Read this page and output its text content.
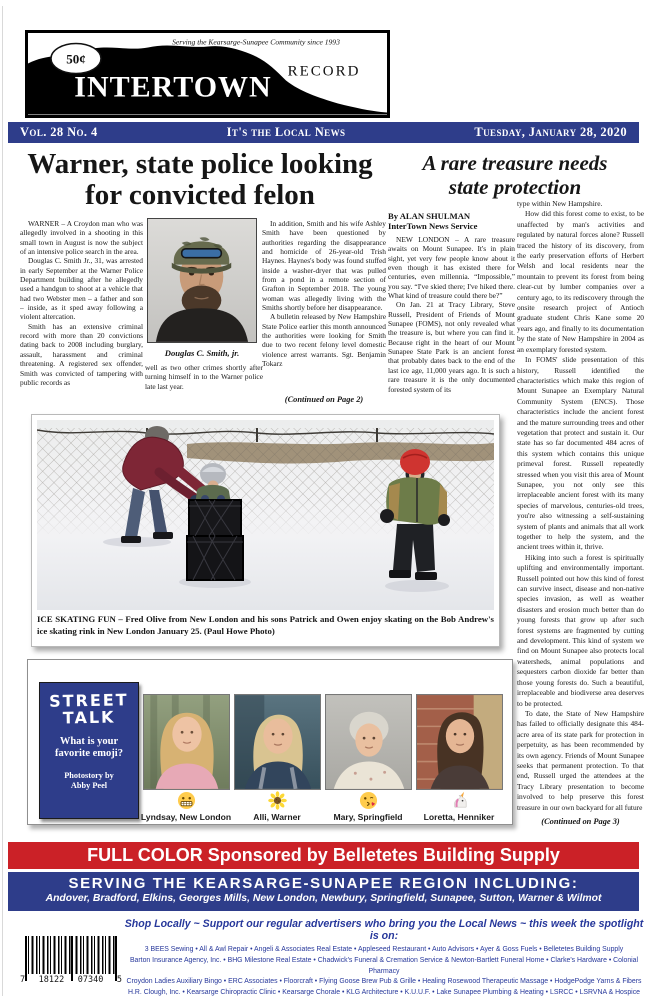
Serving the Kearsarge-Sunapee Community since 1993
50¢
RECORD
INTERTOWN
Vol. 28 No. 4	It's the Local News	Tuesday, January 28, 2020
Warner, state police looking
for convicted felon

WARNER – A Croydon man who was allegedly involved in a shooting in this small town in August is now the subject of an intensive police search in the area.

Douglas C. Smith Jr., 31, was arrested in early September at the Warner Police Department building after he allegedly used a handgun to shoot at a vehicle that had two Webster men – a father and son – inside, as it sped away following a violent altercation.

Smith has an extensive criminal record with more than 20 convictions dating back to 2008 including burglary, assault, harassment and criminal threatening. A registered sex offender, Smith was convicted of tampering with public records as

Douglas C. Smith, jr.

well as two other crimes shortly after turning himself in to the Warner police late last year.

In addition, Smith and his wife Ashley Smith have been questioned by authorities regarding the disappearance and homicide of 26-year-old Trish Haynes. Haynes's body was found stuffed inside a washer-dryer that was pulled from a pond in a remote section of Grafton in September 2018. The young woman was allegedly living with the Smiths shortly before her disappearance.

A bulletin released by New Hampshire State Police earlier this month announced the authorities were looking for Smith due to two recent felony level domestic violence arrest warrants. Sgt. Benjamin Tokarz

(Continued on Page 2)
A rare treasure needs
state protection
By ALAN SHULMAN
InterTown News Service

NEW LONDON – A rare treasure awaits on Mount Sunapee. It's in plain sight, yet very few people know about it even though it has existed there for centuries, even millennia. “Impossible,” you say. “I've skied there; I've hiked there. What kind of treasure could there be?”

On Jan. 21 at Tracy Library, Steve Russell, President of Friends of Mount Sunapee (FOMS), not only revealed what the treasure is, but where you can find it. Because right in the heart of our Mount Sunapee State Park is an ancient forest that probably dates back to the end of the last ice age, 11,000 years ago. It is such a rare treasure it is the only documented forested system of its

type within New Hampshire.

How did this forest come to exist, to be unaffected by man's activities and regulated by natural forces alone? Russell traced the history of its discovery, from the early preservation efforts of Herbert Welsh and local residents near the mountain to prevent its forest from being clear-cut by lumber companies over a century ago, to its rediscovery through the onsite research project of Antioch graduate student Chris Kane some 20 years ago, and finally to its documentation by the state of New Hampshire in 2004 as an exemplary forested system.

In FOMS' slide presentation of this history, Russell identified the characteristics which make this region of Mount Sunapee an Exemplary Natural Community System (ENCS). Those characteristics include the ancient forest and the mature surrounding trees and other vegetation that protect and sustain it. Our state has so far documented 484 acres of this system which contains this unique primeval forest. Russell repeatedly stressed when you visit this area of Mount Sunapee, you not only see this irreplaceable ancient forest with its many species of marvelous, centuries-old trees, you're also witnessing a self-sustaining system of plants and animals that all work together to help the system, and the ancient trees within it, thrive.

Hiking into such a forest is spiritually uplifting and environmentally important. Russell pointed out how this kind of forest can survive insect, disease and non-native species invasion, as well as weather disasters and erosion much better than do young forests that grow up after such forest systems are fragmented by cutting and development. This kind of system we find on Mount Sunapee also protects local watersheds, animal populations and sequesters carbon dioxide far better than those young forests do. Such a beautiful, irreplaceable and biodiverse area deserves to be protected.

To date, the State of New Hampshire has failed to officially designate this 484-acre area of its state park for protection in perpetuity, as has been recommended by its own agency. Friends of Mount Sunapee seeks that permanent protection. To that end, Russell urged the attendees at the Tracy Library presentation to become involved to help preserve this forest treasure in our own backyard for all future

(Continued on Page 3)
ICE SKATING FUN – Fred Olive from New London and his sons Patrick and Owen enjoy skating on the Bob Andrew's ice skating rink in New London January 25. (Paul Howe Photo)
STREET
TALK
What is your favorite emoji?
Photostory by
Abby Peel
Lyndsay, New London	Alli, Warner	Mary, Springfield	Loretta, Henniker
FULL COLOR Sponsored by Belletetes Building Supply
SERVING THE KEARSARGE-SUNAPEE REGION INCLUDING:
Andover, Bradford, Elkins, Georges Mills, New London, Newbury, Springfield, Sunapee, Sutton, Warner & Wilmot
Shop Locally ~ Support our regular advertisers who bring you the Local News ~ this week the spotlight is on:
3 BEES Sewing • All & Awl Repair • Angeli & Associates Real Estate • Appleseed Restaurant • Auto Advisors • Ayer & Goss Fuels • Belletetes Building Supply
Barton Insurance Agency, Inc. • BHG Milestone Real Estate • Chadwick's Funeral & Cremation Service & Newton-Bartlett Funeral Home • Clarke's Hardware • Colonial Pharmacy
Croydon Ladies Auxiliary Bingo • ERC Associates • Floorcraft • Flying Goose Brew Pub & Grille • Healing Rosewood Therapeutic Massage • HodgePodge Yarns & Fibers
H.R. Clough, Inc. • Kearsarge Chiropractic Clinic • Kearsarge Chorale • KLG Architecture • K.U.U.F. • Lake Sunapee Plumbing & Heating • LSRCC • LSRVNA & Hospice
7 18122 07340 5
